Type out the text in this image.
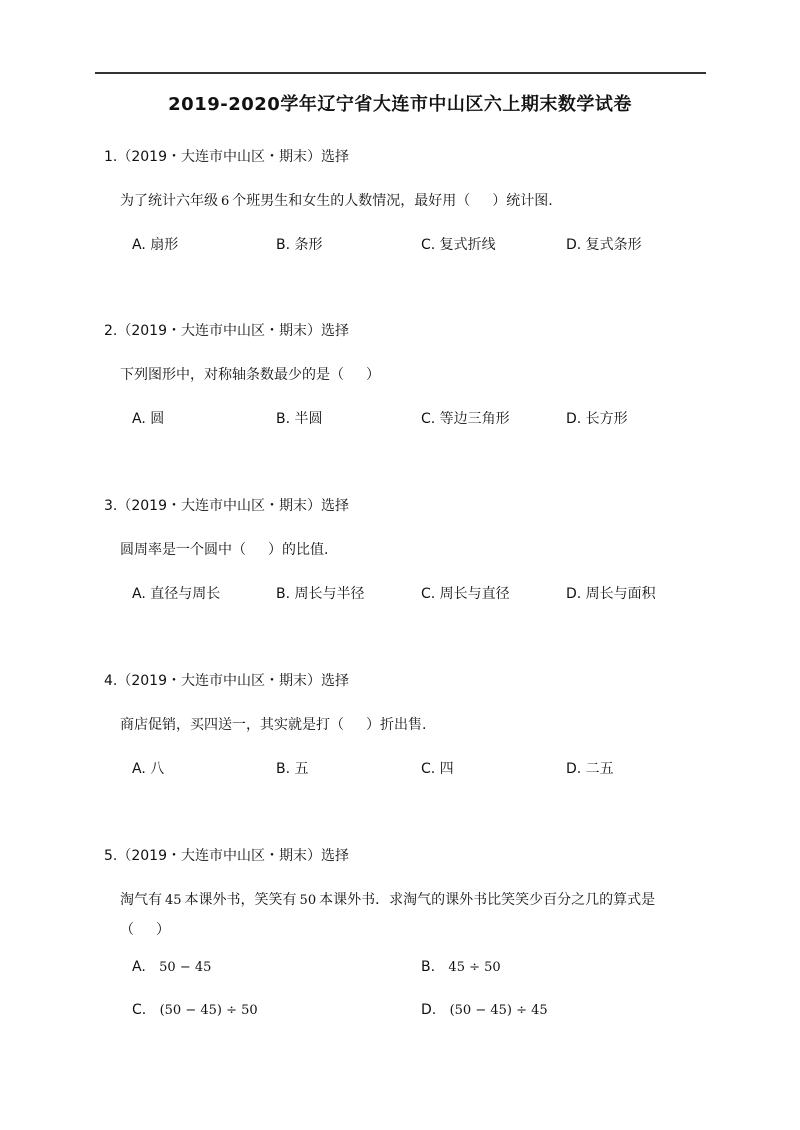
2019-2020学年辽宁省大连市中山区六上期末数学试卷
1.（2019・大连市中山区・期末）选择
为了统计六年级 6 个班男生和女生的人数情况，最好用（ ）统计图.
A. 扇形	B. 条形	C. 复式折线	D. 复式条形
2.（2019・大连市中山区・期末）选择
下列图形中，对称轴条数最少的是（ ）
A. 圆	B. 半圆	C. 等边三角形	D. 长方形
3.（2019・大连市中山区・期末）选择
圆周率是一个圆中（ ）的比值.
A. 直径与周长	B. 周长与半径	C. 周长与直径	D. 周长与面积
4.（2019・大连市中山区・期末）选择
商店促销，买四送一，其实就是打（ ）折出售.
A. 八	B. 五	C. 四	D. 二五
5.（2019・大连市中山区・期末）选择
淘气有 45 本课外书，笑笑有 50 本课外书．求淘气的课外书比笑笑少百分之几的算式是
（ ）
A. 50 − 45	B. 45 ÷ 50
C. (50 − 45) ÷ 50	D. (50 − 45) ÷ 45
